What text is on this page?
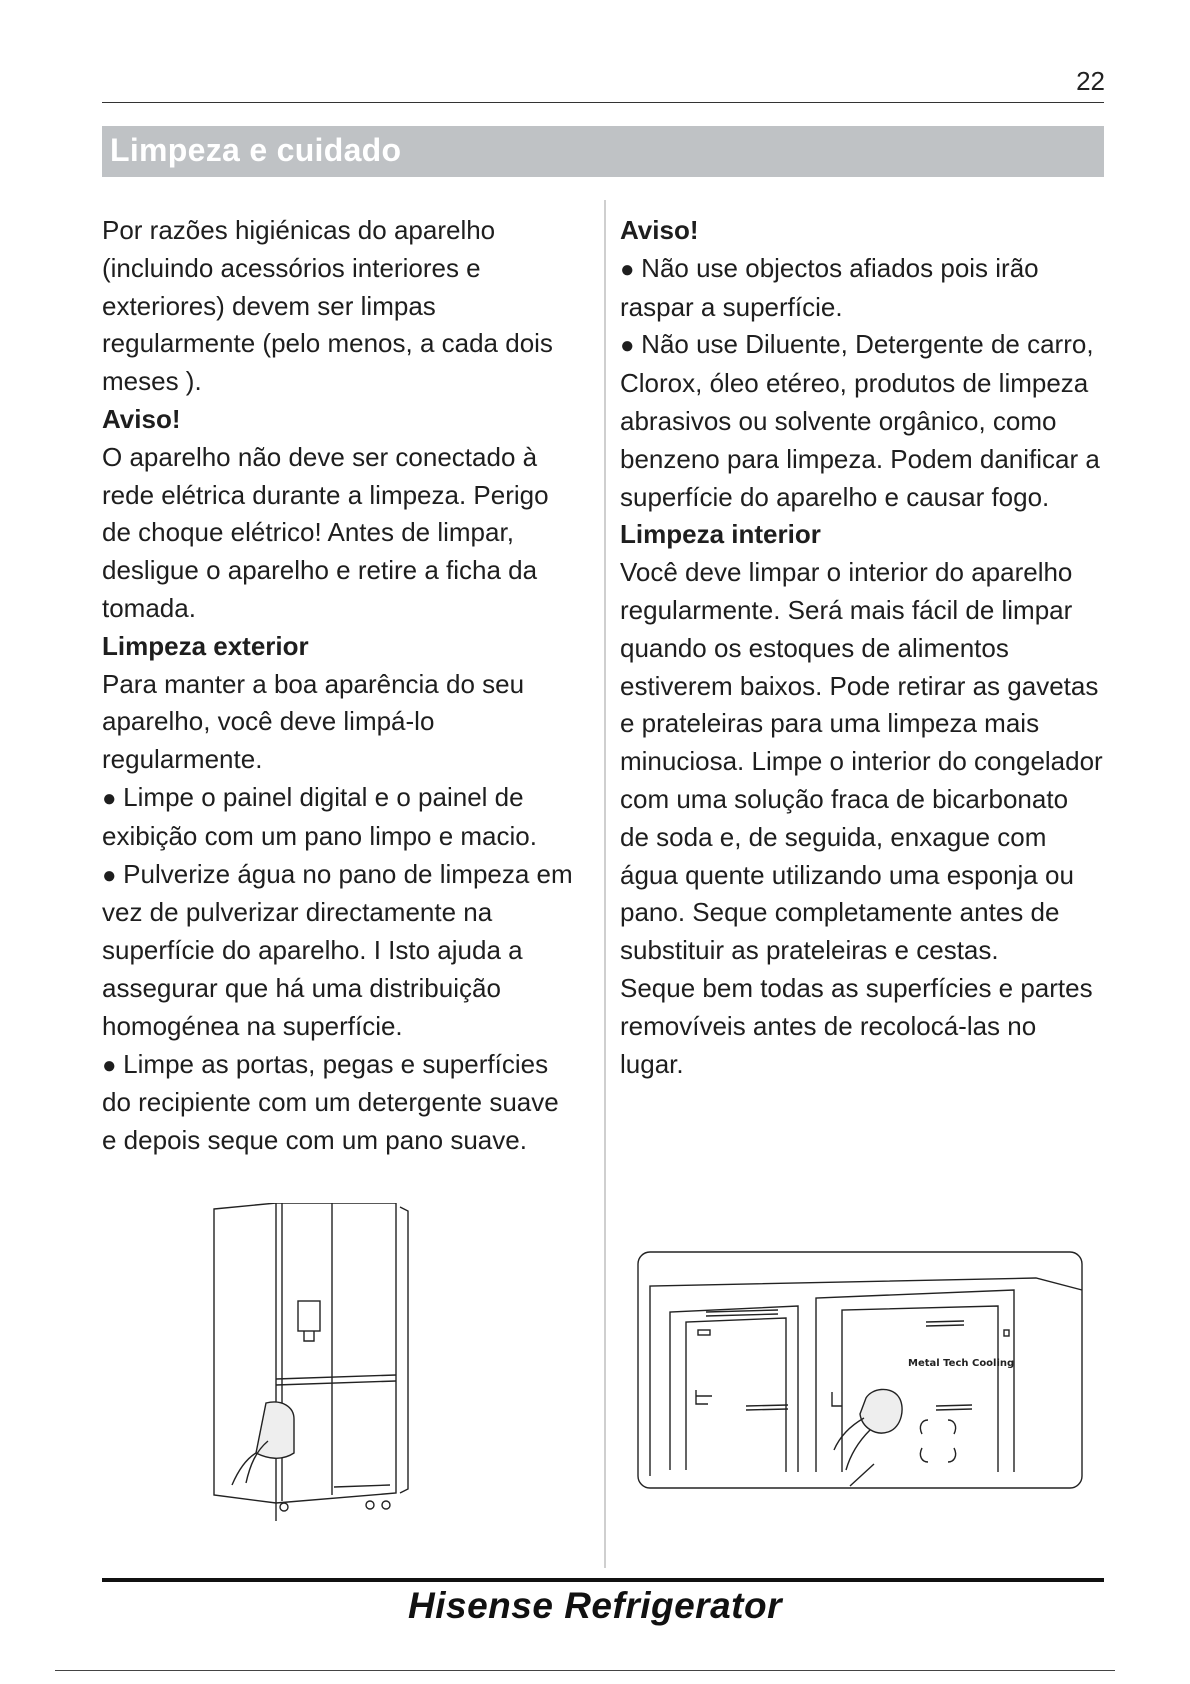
22
Limpeza e cuidado

Por razões higiénicas do aparelho (incluindo acessórios interiores e exteriores) devem ser limpas regularmente (pelo menos, a cada dois meses ).

Aviso!

O aparelho não deve ser conectado à rede elétrica durante a limpeza. Perigo de choque elétrico! Antes de limpar, desligue o aparelho e retire a ficha da tomada.

Limpeza exterior

Para manter a boa aparência do seu aparelho, você deve limpá-lo regularmente.

● Limpe o painel digital e o painel de exibição com um pano limpo e macio.

● Pulverize água no pano de limpeza em vez de pulverizar directamente na superfície do aparelho. I Isto ajuda a assegurar que há uma distribuição homogénea na superfície.

● Limpe as portas, pegas e superfícies do recipiente com um detergente suave e depois seque com um pano suave.

Aviso!

● Não use objectos afiados pois irão raspar a superfície.

● Não use Diluente, Detergente de carro, Clorox, óleo etéreo, produtos de limpeza abrasivos ou solvente orgânico, como benzeno para limpeza. Podem danificar a superfície do aparelho e causar fogo.

Limpeza interior

Você deve limpar o interior do aparelho regularmente. Será mais fácil de limpar quando os estoques de alimentos estiverem baixos. Pode retirar as gavetas e prateleiras para uma limpeza mais minuciosa. Limpe o interior do congelador com uma solução fraca de bicarbonato de soda e, de seguida, enxague com água quente utilizando uma esponja ou pano. Seque completamente antes de substituir as prateleiras e cestas.

Seque bem todas as superfícies e partes removíveis antes de recolocá-las no lugar.

Metal Tech Cooling
Hisense Refrigerator
